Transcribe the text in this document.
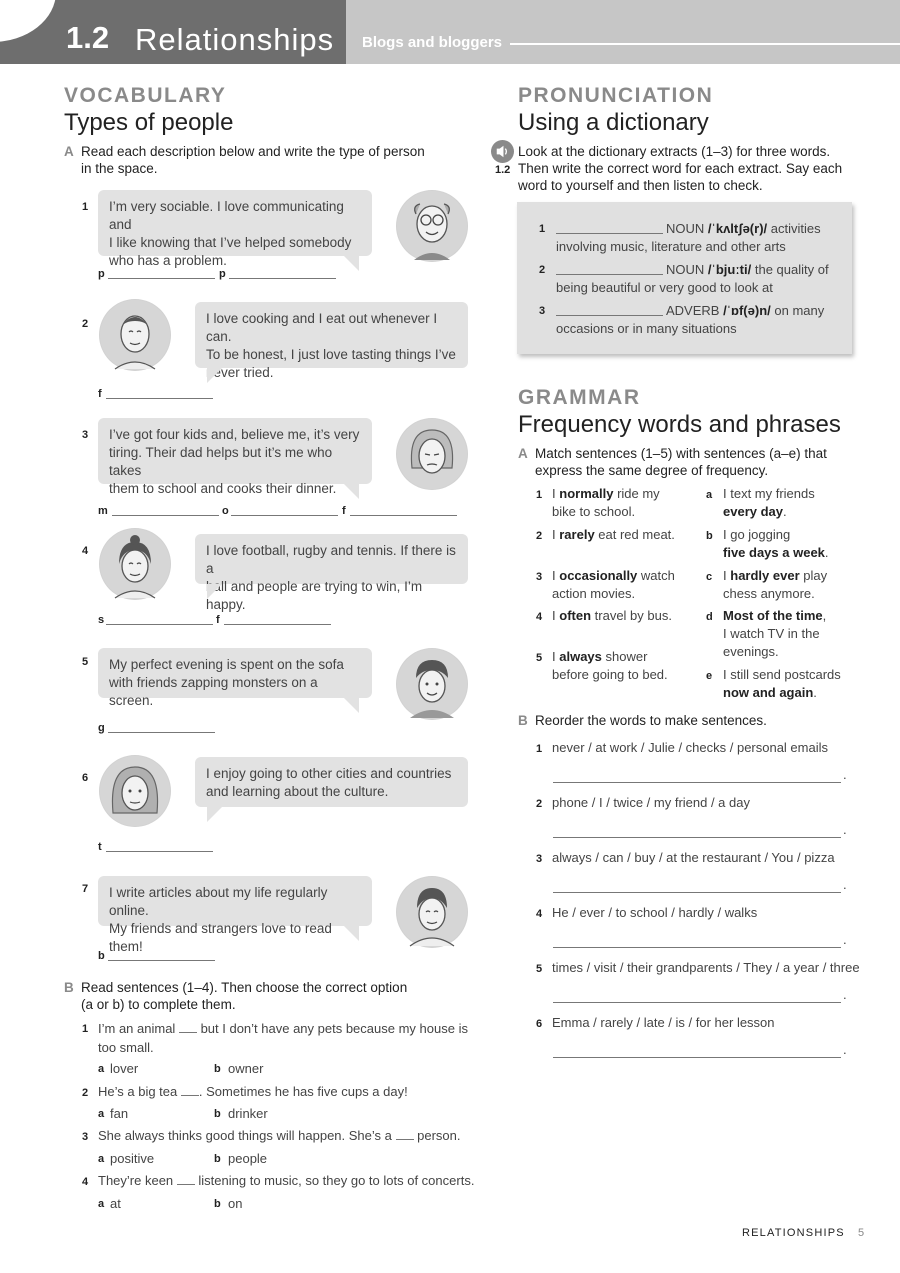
1.2 Relationships Blogs and bloggers
VOCABULARY
Types of people
A Read each description below and write the type of person
in the space.
1 I’m very sociable. I love communicating and
I like knowing that I’ve helped somebody
who has a problem.
p	p
2	I love cooking and I eat out whenever I can.
To be honest, I just love tasting things I’ve
never tried.
f
3 I’ve got four kids and, believe me, it’s very
tiring. Their dad helps but it’s me who takes
them to school and cooks their dinner.
m	o	f
4	I love football, rugby and tennis. If there is a
ball and people are trying to win, I’m happy.
s	f
5 My perfect evening is spent on the sofa
with friends zapping monsters on a screen.
g
6	I enjoy going to other cities and countries
and learning about the culture.
t
7 I write articles about my life regularly online.
My friends and strangers love to read them!
b
B Read sentences (1–4). Then choose the correct option
(a or b) to complete them.
1 I’m an animal but I don’t have any pets because my house is
too small.
a lover	b owner
2 He’s a big tea . Sometimes he has five cups a day!
a fan	b drinker
3 She always thinks good things will happen. She’s a person.
a positive	b people
4 They’re keen listening to music, so they go to lots of concerts.
a at	b on
PRONUNCIATION
Using a dictionary
1.2
Look at the dictionary extracts (1–3) for three words.
Then write the correct word for each extract. Say each
word to yourself and then listen to check.
1	NOUN /ˈkʌltʃə(r)/ activities
involving music, literature and other arts
2	NOUN /ˈbjuːti/ the quality of
being beautiful or very good to look at
3	ADVERB /ˈɒf(ə)n/ on many
occasions or in many situations
GRAMMAR
Frequency words and phrases
A Match sentences (1–5) with sentences (a–e) that
express the same degree of frequency.
1 I normally ride my
bike to school.
2 I rarely eat red meat.
3 I occasionally watch
action movies.
4 I often travel by bus.
5 I always shower
before going to bed.
a I text my friends
every day.
b I go jogging
five days a week.
c I hardly ever play
chess anymore.
d Most of the time,
I watch TV in the
evenings.
e I still send postcards
now and again.
B Reorder the words to make sentences.
1 never / at work / Julie / checks / personal emails
.
2 phone / I / twice / my friend / a day
.
3 always / can / buy / at the restaurant / You / pizza
.
4 He / ever / to school / hardly / walks
.
5 times / visit / their grandparents / They / a year / three
.
6 Emma / rarely / late / is / for her lesson
.
RELATIONSHIPS 5
